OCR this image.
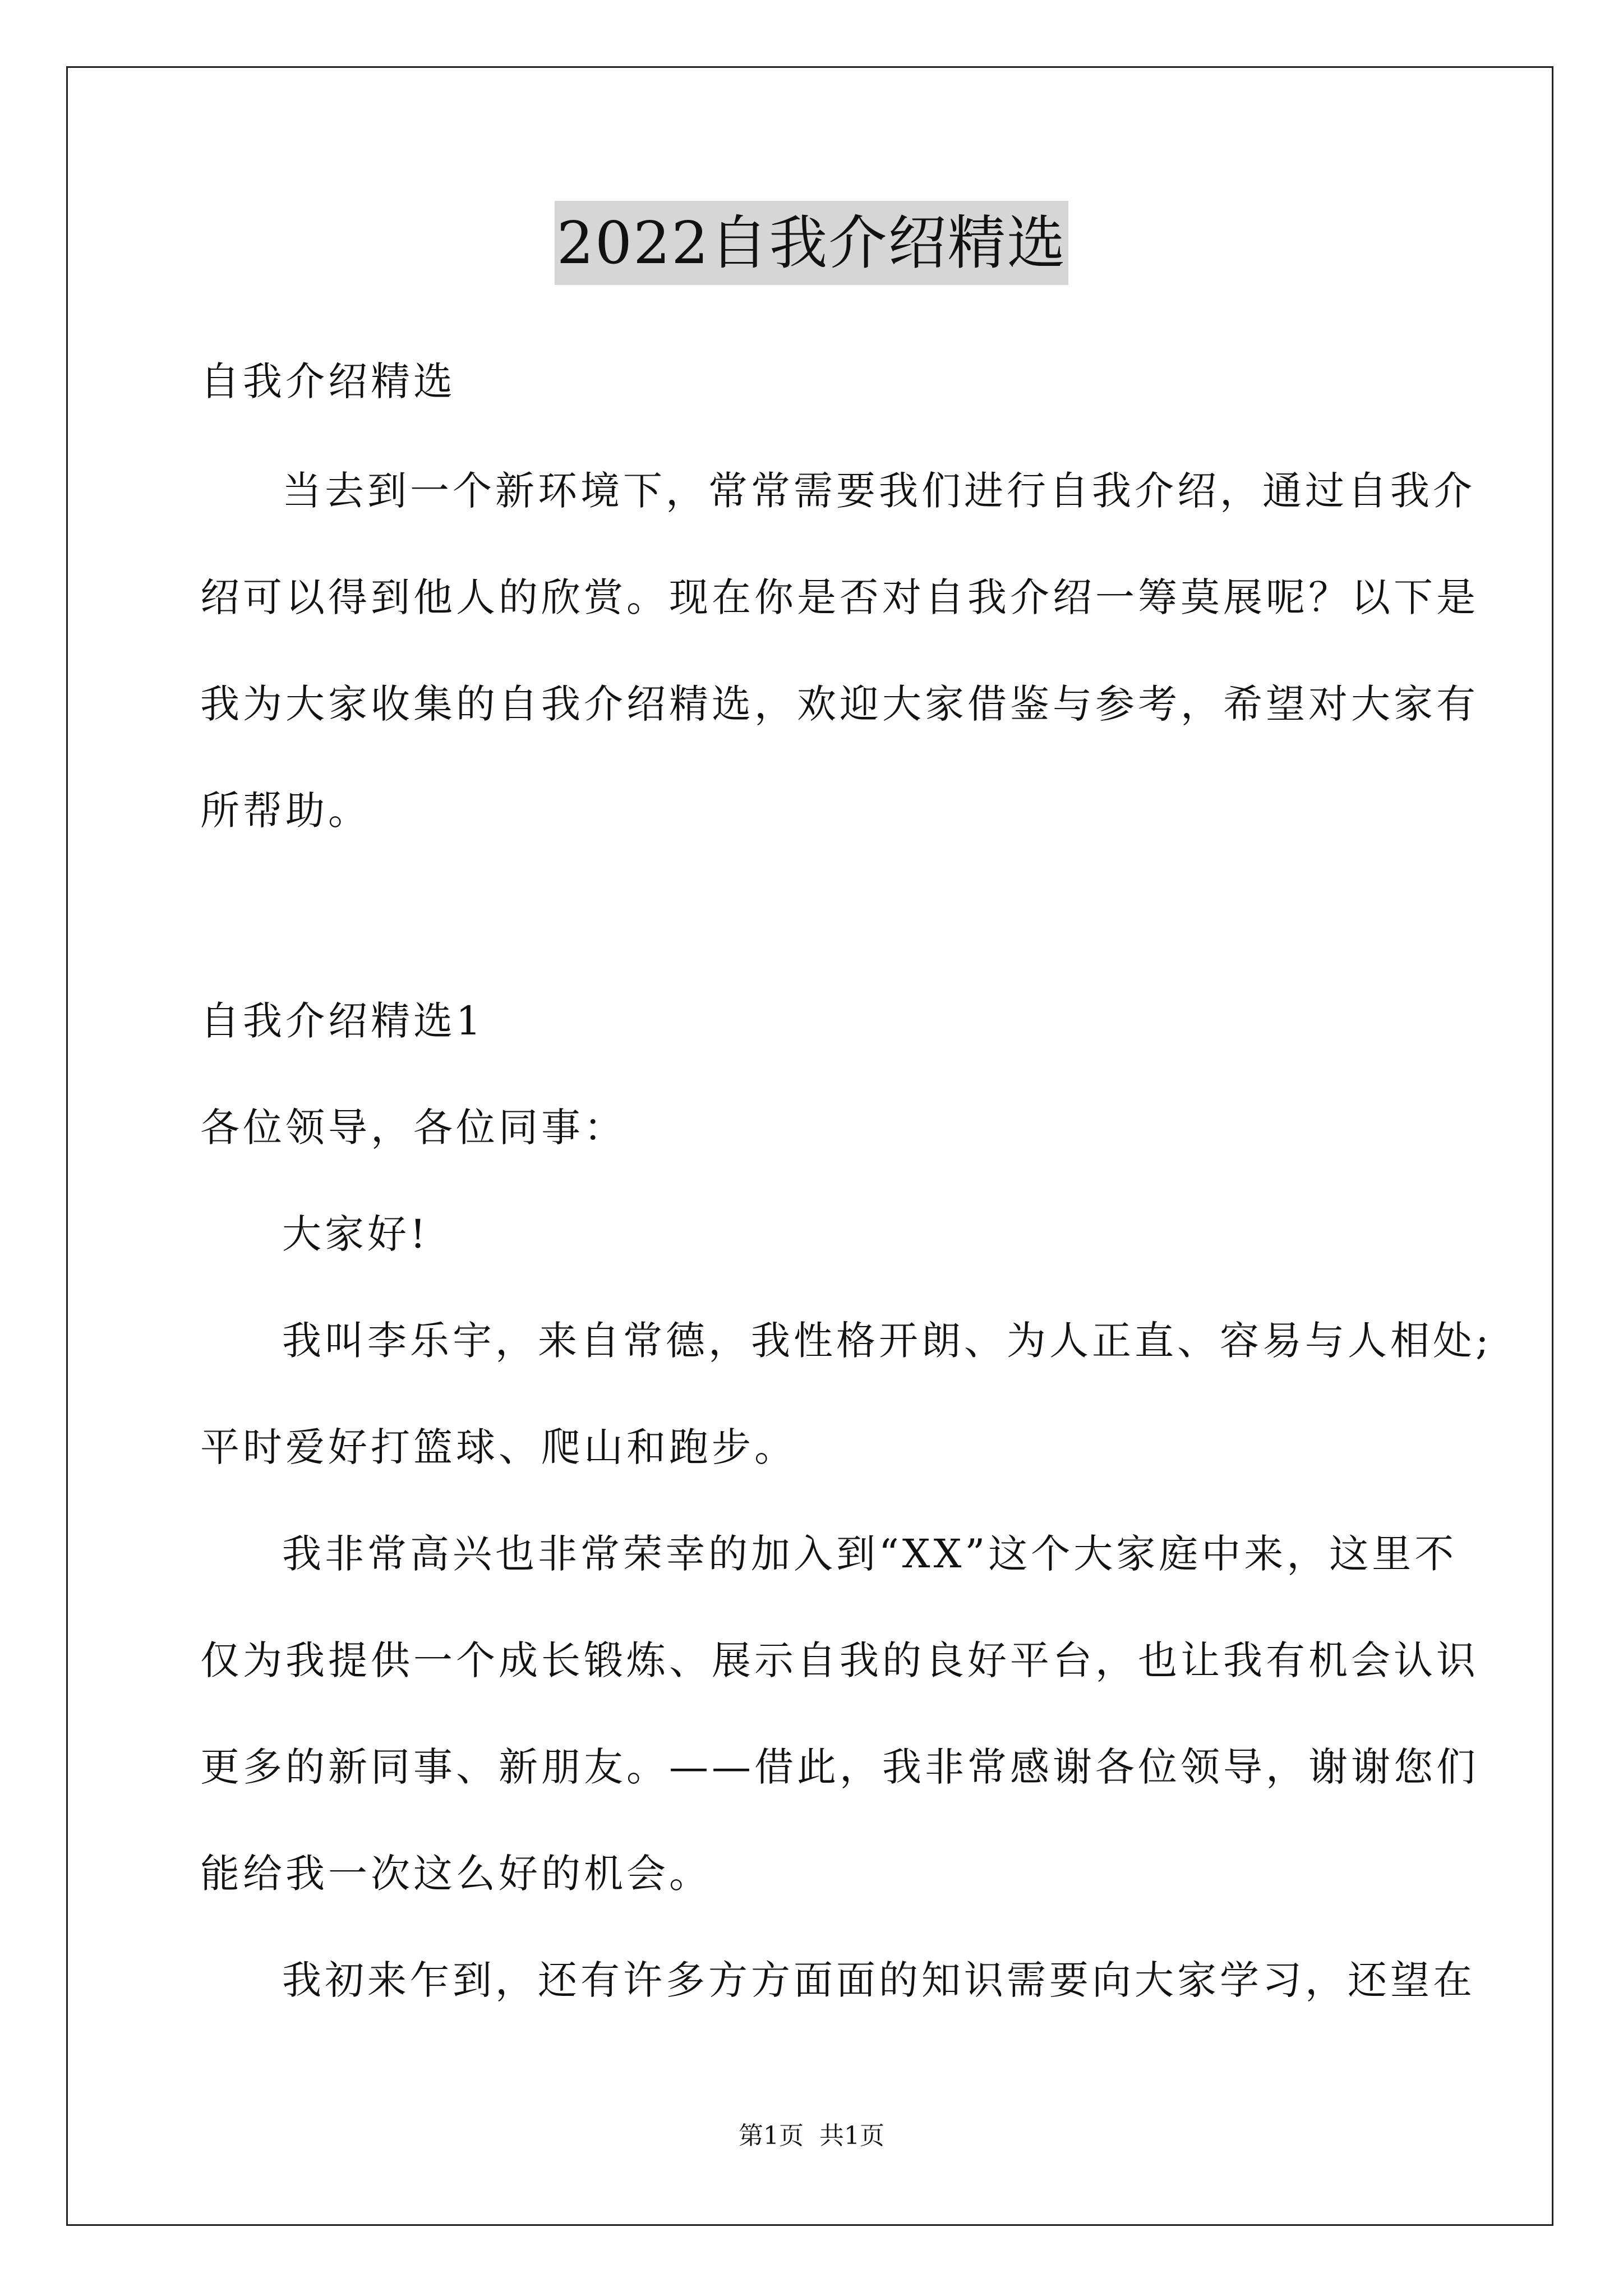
2022自我介绍精选
自我介绍精选
当去到一个新环境下，常常需要我们进行自我介绍，通过自我介
绍可以得到他人的欣赏。现在你是否对自我介绍一筹莫展呢？以下是
我为大家收集的自我介绍精选，欢迎大家借鉴与参考，希望对大家有
所帮助。
自我介绍精选1
各位领导，各位同事：
大家好!
我叫李乐宇，来自常德，我性格开朗、为人正直、容易与人相处;
平时爱好打篮球、爬山和跑步。
我非常高兴也非常荣幸的加入到“XX”这个大家庭中来，这里不
仅为我提供一个成长锻炼、展示自我的良好平台，也让我有机会认识
更多的新同事、新朋友。——借此，我非常感谢各位领导，谢谢您们
能给我一次这么好的机会。
我初来乍到，还有许多方方面面的知识需要向大家学习，还望在
第1页 共1页
